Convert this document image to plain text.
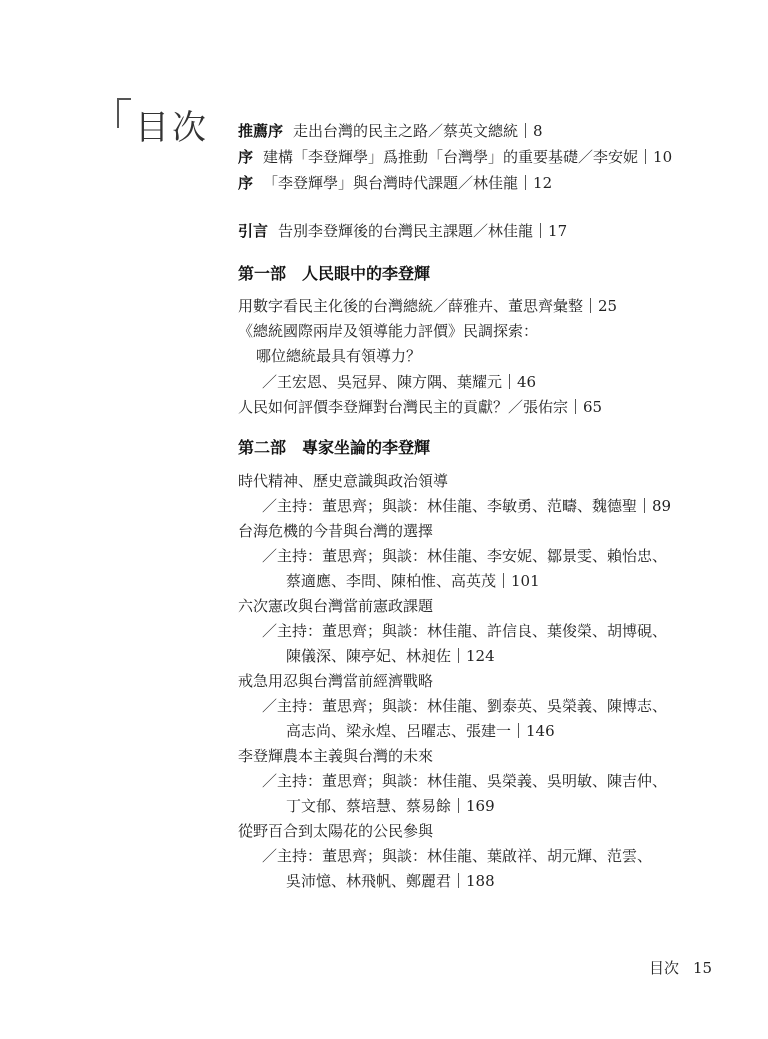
目次 推薦序 走出台灣的民主之路／蔡英文總統 8
序 建構「李登輝學」爲推動「台灣學」的重要基礎／李安妮 10
序 「李登輝學」與台灣時代課題／林佳龍 12
引言 告別李登輝後的台灣民主課題／林佳龍 17
第一部　人民眼中的李登輝
用數字看民主化後的台灣總統／薛雅卉、董思齊彙整 25
《總統國際兩岸及領導能力評價》民調探索：
哪位總統最具有領導力？
／王宏恩、吳冠昇、陳方隅、葉耀元 46
人民如何評價李登輝對台灣民主的貢獻？／張佑宗 65
第二部　專家坐論的李登輝
時代精神、歷史意識與政治領導
／主持：董思齊；與談：林佳龍、李敏勇、范疇、魏德聖 89
台海危機的今昔與台灣的選擇
／主持：董思齊；與談：林佳龍、李安妮、鄒景雯、賴怡忠、
蔡適應、李問、陳柏惟、高英茂 101
六次憲改與台灣當前憲政課題
／主持：董思齊；與談：林佳龍、許信良、葉俊榮、胡博硯、
陳儀深、陳亭妃、林昶佐 124
戒急用忍與台灣當前經濟戰略
／主持：董思齊；與談：林佳龍、劉泰英、吳榮義、陳博志、
高志尚、梁永煌、呂曜志、張建一 146
李登輝農本主義與台灣的未來
／主持：董思齊；與談：林佳龍、吳榮義、吳明敏、陳吉仲、
丁文郁、蔡培慧、蔡易餘 169
從野百合到太陽花的公民參與
／主持：董思齊；與談：林佳龍、葉啟祥、胡元輝、范雲、
吳沛憶、林飛帆、鄭麗君 188
目次 15
